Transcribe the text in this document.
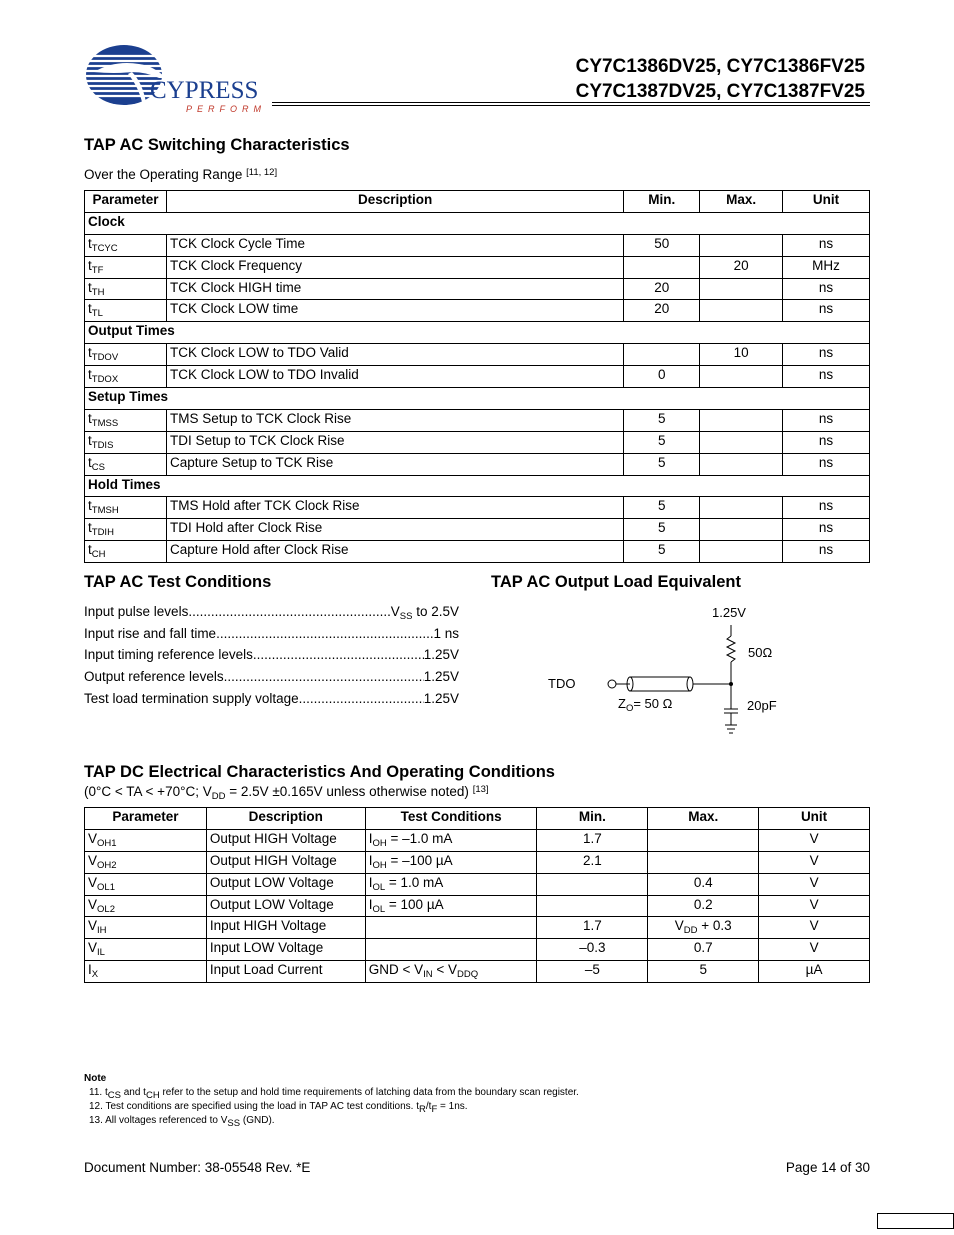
CYPRESS
PERFORM
CY7C1386DV25, CY7C1386FV25
CY7C1387DV25, CY7C1387FV25
TAP AC Switching Characteristics
Over the Operating Range [11, 12]
Parameter	Description	Min.	Max.	Unit
Clock				
$t_{TCYC}$	TCK Clock Cycle Time	50		ns
$t_{TF}$	TCK Clock Frequency		20	MHz
$t_{TH}$	TCK Clock HIGH time	20		ns
$t_{TL}$	TCK Clock LOW time	20		ns
Output Times				
$t_{TDOV}$	TCK Clock LOW to TDO Valid		10	ns
$t_{TDOX}$	TCK Clock LOW to TDO Invalid	0		ns
Setup Times				
$t_{TMSS}$	TMS Setup to TCK Clock Rise	5		ns
$t_{TDIS}$	TDI Setup to TCK Clock Rise	5		ns
$t_{CS}$	Capture Setup to TCK Rise	5		ns
Hold Times				
$t_{TMSH}$	TMS Hold after TCK Clock Rise	5		ns
$t_{TDIH}$	TDI Hold after Clock Rise	5		ns
$t_{CH}$	Capture Hold after Clock Rise	5		ns
TAP AC Test Conditions
Input pulse levels .....	$V_{SS}$ to 2.5V
Input rise and fall time .....	1 ns
Input timing reference levels .....	1.25V
Output reference levels .....	1.25V
Test load termination supply voltage .....	1.25V
TAP AC Output Load Equivalent
1.25V
50Ω
TDO
$Z_O= 50$ Ω	20pF
TAP DC Electrical Characteristics And Operating Conditions
(0°C < TA < +70°C; $V_{DD} = 2.5V \pm 0.165V$ unless otherwise noted) [13]
Parameter	Description	Test Conditions	Min.	Max.	Unit
$V_{OH1}$	Output HIGH Voltage	$I_{OH} = -1.0$ mA	1.7		V
$V_{OH2}$	Output HIGH Voltage	$I_{OH} = -100$ µA	2.1		V
$V_{OL1}$	Output LOW Voltage	$I_{OL} = 1.0$ mA		0.4	V
$V_{OL2}$	Output LOW Voltage	$I_{OL} = 100$ µA		0.2	V
$V_{IH}$	Input HIGH Voltage		1.7	$V_{DD} + 0.3$	V
$V_{IL}$	Input LOW Voltage		–0.3	0.7	V
$I_X$	Input Load Current	GND < $V_{IN} < V_{DDQ}$	–5	5	µA
Note
11. $t_{CS}$ and $t_{CH}$ refer to the setup and hold time requirements of latching data from the boundary scan register.
12. Test conditions are specified using the load in TAP AC test conditions. $t_R/t_F = 1ns$.
13. All voltages referenced to $V_{SS}$ (GND).
Document Number: 38-05548 Rev. *E	Page 14 of 30
